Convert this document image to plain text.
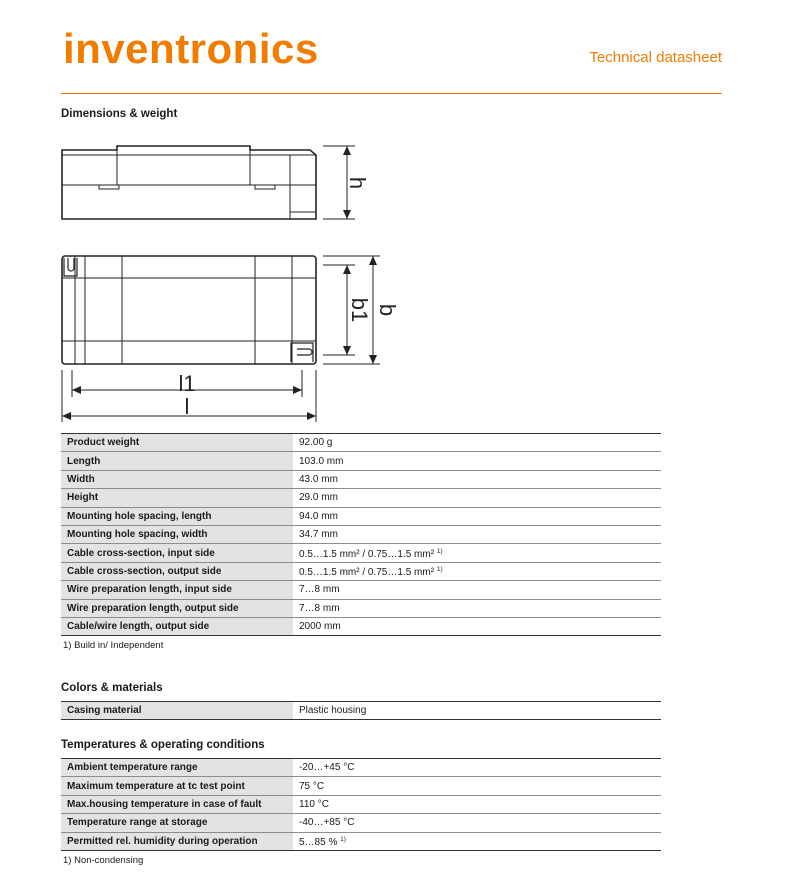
inventronics	Technical datasheet
Dimensions & weight
h
b1 b
l1
l
Product weight	92.00 g
Length	103.0 mm
Width	43.0 mm
Height	29.0 mm
Mounting hole spacing, length	94.0 mm
Mounting hole spacing, width	34.7 mm
Cable cross-section, input side	0.5…1.5 mm² / 0.75…1.5 mm² $^{1)}$
Cable cross-section, output side	0.5…1.5 mm² / 0.75…1.5 mm² $^{1)}$
Wire preparation length, input side	7…8 mm
Wire preparation length, output side	7…8 mm
Cable/wire length, output side	2000 mm
1) Build in/ Independent
Colors & materials
Casing material	Plastic housing
Temperatures & operating conditions
Ambient temperature range	-20…+45 °C
Maximum temperature at tc test point	75 °C
Max.housing temperature in case of fault	110 °C
Temperature range at storage	-40…+85 °C
Permitted rel. humidity during operation	5…85 % $^{1)}$
1) Non-condensing
